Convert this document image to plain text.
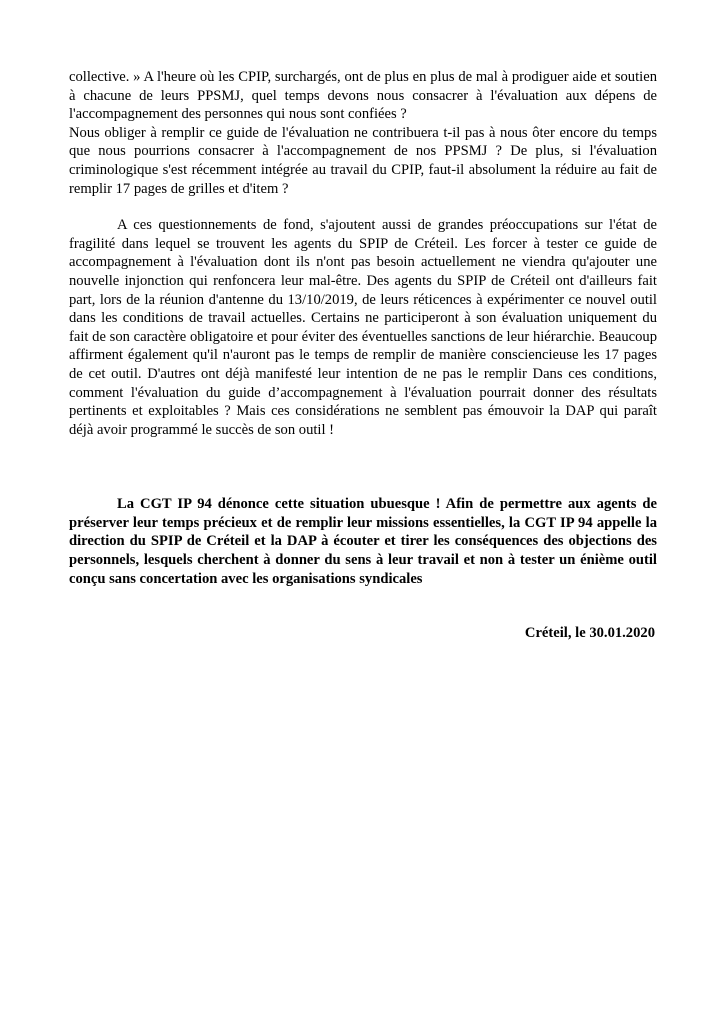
collective. » A l'heure où les CPIP, surchargés, ont de plus en plus de mal à prodiguer aide et soutien à chacune de leurs PPSMJ, quel temps devons nous consacrer à l'évaluation aux dépens de l'accompagnement des personnes qui nous sont confiées ?

Nous obliger à remplir ce guide de l'évaluation ne contribuera t-il pas à nous ôter encore du temps que nous pourrions consacrer à l'accompagnement de nos PPSMJ ? De plus, si l'évaluation criminologique s'est récemment intégrée au travail du CPIP, faut-il absolument la réduire au fait de remplir 17 pages de grilles et d'item ?

A ces questionnements de fond, s'ajoutent aussi de grandes préoccupations sur l'état de fragilité dans lequel se trouvent les agents du SPIP de Créteil. Les forcer à tester ce guide de accompagnement à l'évaluation dont ils n'ont pas besoin actuellement ne viendra qu'ajouter une nouvelle injonction qui renfoncera leur mal-être. Des agents du SPIP de Créteil ont d'ailleurs fait part, lors de la réunion d'antenne du 13/10/2019, de leurs réticences à expérimenter ce nouvel outil dans les conditions de travail actuelles. Certains ne participeront à son évaluation uniquement du fait de son caractère obligatoire et pour éviter des éventuelles sanctions de leur hiérarchie. Beaucoup affirment également qu'il n'auront pas le temps de remplir de manière consciencieuse les 17 pages de cet outil. D'autres ont déjà manifesté leur intention de ne pas le remplir Dans ces conditions, comment l'évaluation du guide d’accompagnement à l'évaluation pourrait donner des résultats pertinents et exploitables ? Mais ces considérations ne semblent pas émouvoir la DAP qui paraît déjà avoir programmé le succès de son outil !

La CGT IP 94 dénonce cette situation ubuesque ! Afin de permettre aux agents de préserver leur temps précieux et de remplir leur missions essentielles, la CGT IP 94 appelle la direction du SPIP de Créteil et la DAP à écouter et tirer les conséquences des objections des personnels, lesquels cherchent à donner du sens à leur travail et non à tester un énième outil conçu sans concertation avec les organisations syndicales

Créteil, le 30.01.2020
